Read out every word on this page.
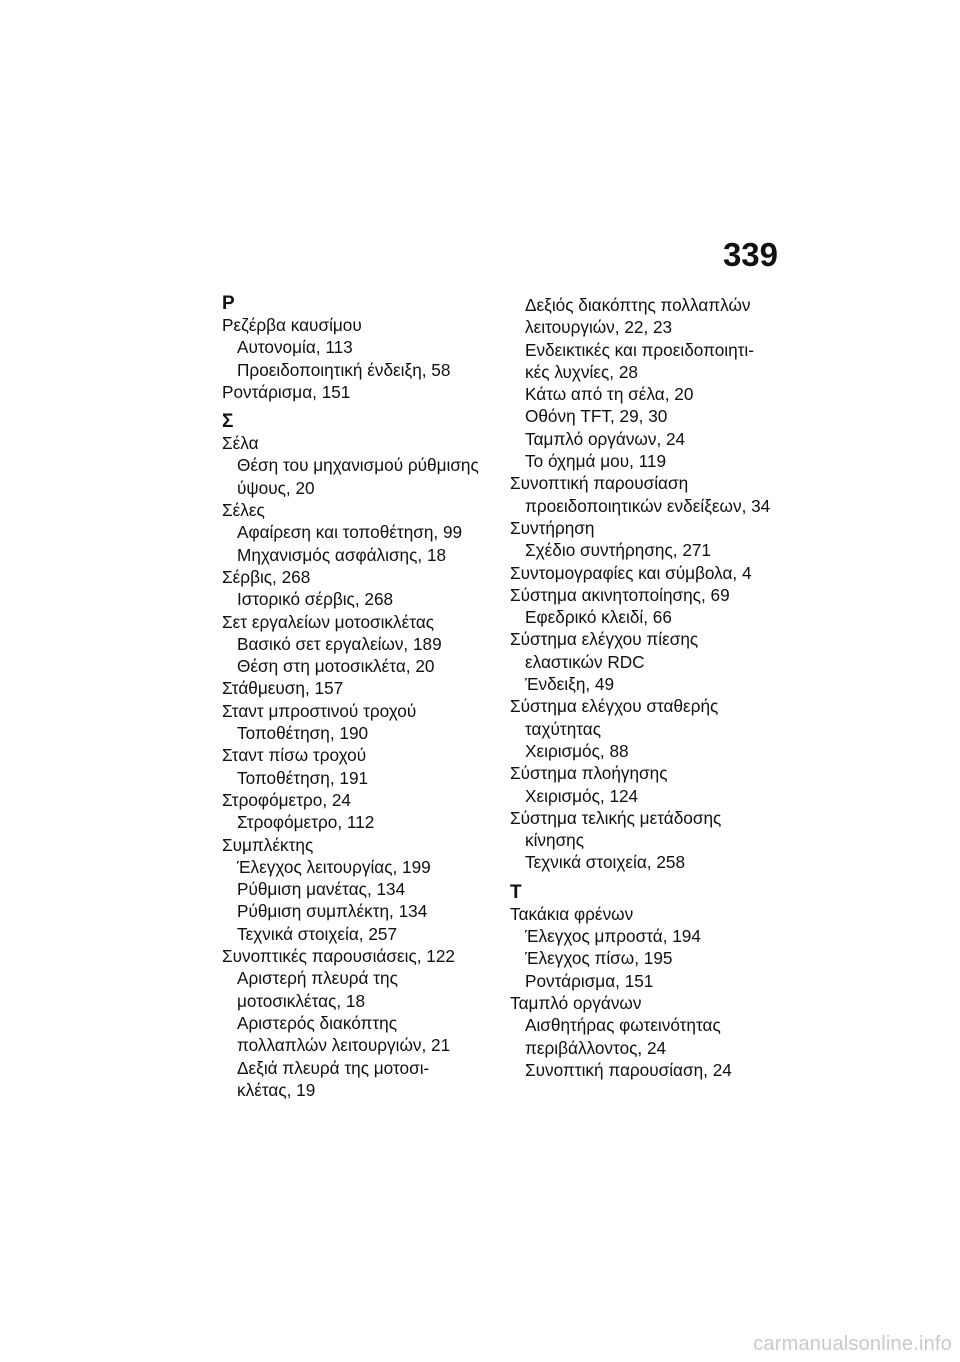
339
Ρ
Ρεζέρβα καυσίμου
Αυτονομία, 113
Προειδοποιητική ένδειξη, 58
Ροντάρισμα, 151
Σ
Σέλα
Θέση του μηχανισμού ρύθμισης
ύψους, 20
Σέλες
Αφαίρεση και τοποθέτηση, 99
Μηχανισμός ασφάλισης, 18
Σέρβις, 268
Ιστορικό σέρβις, 268
Σετ εργαλείων μοτοσικλέτας
Βασικό σετ εργαλείων, 189
Θέση στη μοτοσικλέτα, 20
Στάθμευση, 157
Σταντ μπροστινού τροχού
Τοποθέτηση, 190
Σταντ πίσω τροχού
Τοποθέτηση, 191
Στροφόμετρο, 24
Στροφόμετρο, 112
Συμπλέκτης
Έλεγχος λειτουργίας, 199
Ρύθμιση μανέτας, 134
Ρύθμιση συμπλέκτη, 134
Τεχνικά στοιχεία, 257
Συνοπτικές παρουσιάσεις, 122
Αριστερή πλευρά της
μοτοσικλέτας, 18
Αριστερός διακόπτης
πολλαπλών λειτουργιών, 21
Δεξιά πλευρά της μοτοσι-
κλέτας, 19
Δεξιός διακόπτης πολλαπλών
λειτουργιών, 22, 23
Ενδεικτικές και προειδοποιητι-
κές λυχνίες, 28
Κάτω από τη σέλα, 20
Οθόνη TFT, 29, 30
Ταμπλό οργάνων, 24
Το όχημά μου, 119
Συνοπτική παρουσίαση
προειδοποιητικών ενδείξεων, 34
Συντήρηση
Σχέδιο συντήρησης, 271
Συντομογραφίες και σύμβολα, 4
Σύστημα ακινητοποίησης, 69
Εφεδρικό κλειδί, 66
Σύστημα ελέγχου πίεσης
ελαστικών RDC
Ένδειξη, 49
Σύστημα ελέγχου σταθερής
ταχύτητας
Χειρισμός, 88
Σύστημα πλοήγησης
Χειρισμός, 124
Σύστημα τελικής μετάδοσης
κίνησης
Τεχνικά στοιχεία, 258
Τ
Τακάκια φρένων
Έλεγχος μπροστά, 194
Έλεγχος πίσω, 195
Ροντάρισμα, 151
Ταμπλό οργάνων
Αισθητήρας φωτεινότητας
περιβάλλοντος, 24
Συνοπτική παρουσίαση, 24
carmanualsonline.info
